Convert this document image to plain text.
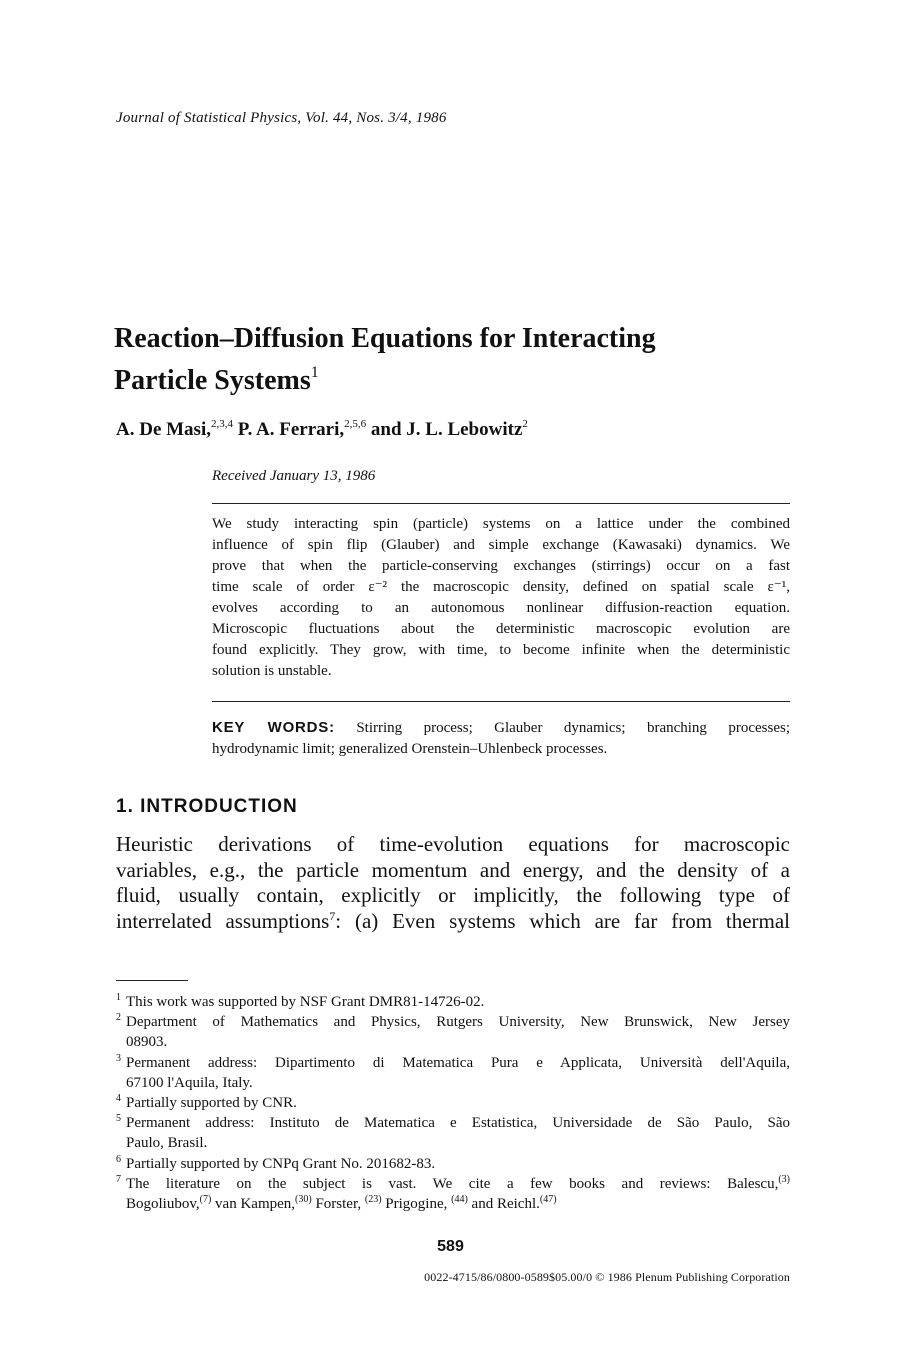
Journal of Statistical Physics, Vol. 44, Nos. 3/4, 1986
Reaction–Diffusion Equations for Interacting
Particle Systems$^1$
A. De Masi,$^{2,3,4}$ P. A. Ferrari,$^{2,5,6}$ and J. L. Lebowitz$^2$
Received January 13, 1986
We study interacting spin (particle) systems on a lattice under the combined
influence of spin flip (Glauber) and simple exchange (Kawasaki) dynamics. We
prove that when the particle-conserving exchanges (stirrings) occur on a fast
time scale of order ε⁻² the macroscopic density, defined on spatial scale ε⁻¹,
evolves according to an autonomous nonlinear diffusion-reaction equation.
Microscopic fluctuations about the deterministic macroscopic evolution are
found explicitly. They grow, with time, to become infinite when the deterministic
solution is unstable.
KEY WORDS: Stirring process; Glauber dynamics; branching processes;
hydrodynamic limit; generalized Orenstein–Uhlenbeck processes.
1. INTRODUCTION
Heuristic derivations of time-evolution equations for macroscopic
variables, e.g., the particle momentum and energy, and the density of a
fluid, usually contain, explicitly or implicitly, the following type of
interrelated assumptions$^7$: (a) Even systems which are far from thermal
1 This work was supported by NSF Grant DMR81-14726-02.
2 Department of Mathematics and Physics, Rutgers University, New Brunswick, New Jersey
08903.
3 Permanent address: Dipartimento di Matematica Pura e Applicata, Università dell'Aquila,
67100 l'Aquila, Italy.
4 Partially supported by CNR.
5 Permanent address: Instituto de Matematica e Estatistica, Universidade de São Paulo, São
Paulo, Brasil.
6 Partially supported by CNPq Grant No. 201682-83.
7 The literature on the subject is vast. We cite a few books and reviews: Balescu,$^{(3)}$
Bogoliubov,$^{(7)}$ van Kampen,$^{(30)}$ Forster, $^{(23)}$ Prigogine, $^{(44)}$ and Reichl.$^{(47)}$
589
0022-4715/86/0800-0589$05.00/0 © 1986 Plenum Publishing Corporation
